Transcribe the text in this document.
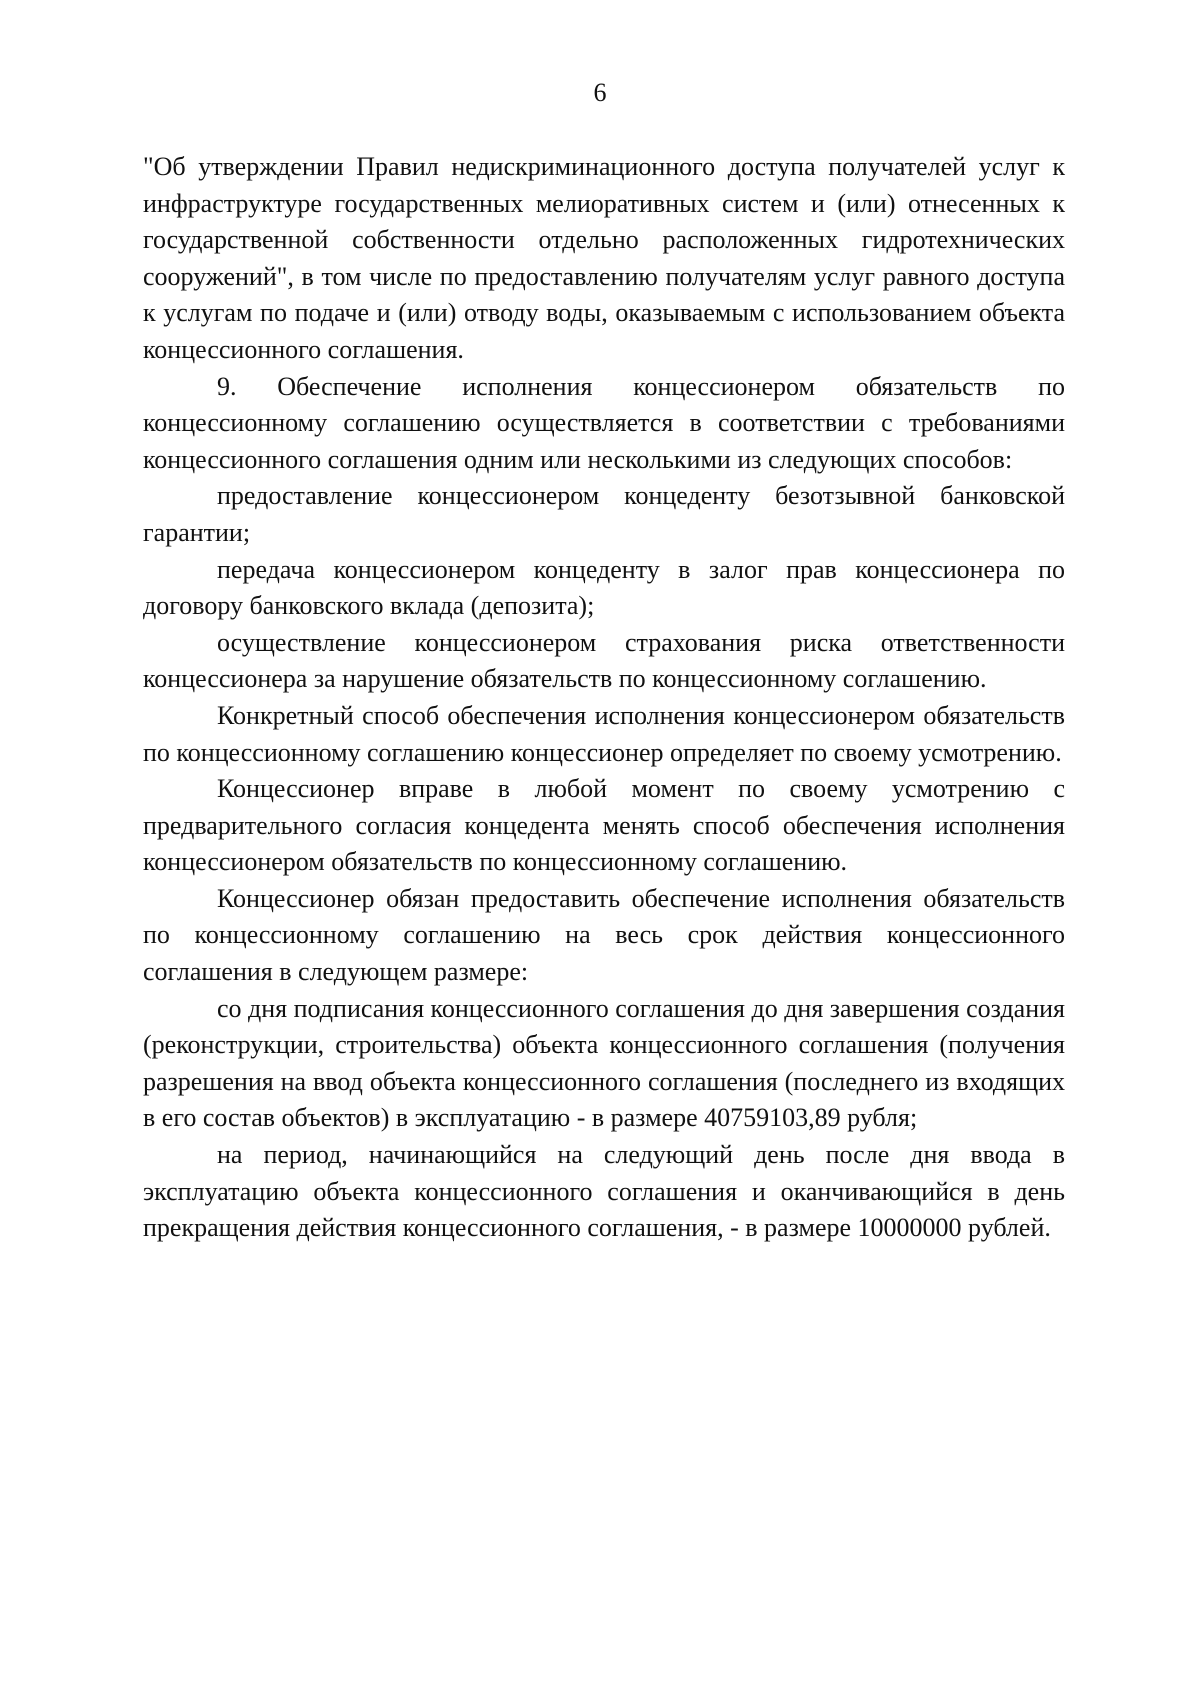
6

"Об утверждении Правил недискриминационного доступа получателей услуг к инфраструктуре государственных мелиоративных систем и (или) отнесенных к государственной собственности отдельно расположенных гидротехнических сооружений", в том числе по предоставлению получателям услуг равного доступа к услугам по подаче и (или) отводу воды, оказываемым с использованием объекта концессионного соглашения.

9. Обеспечение исполнения концессионером обязательств по концессионному соглашению осуществляется в соответствии с требованиями концессионного соглашения одним или несколькими из следующих способов:

предоставление концессионером концеденту безотзывной банковской гарантии;

передача концессионером концеденту в залог прав концессионера по договору банковского вклада (депозита);

осуществление концессионером страхования риска ответственности концессионера за нарушение обязательств по концессионному соглашению.

Конкретный способ обеспечения исполнения концессионером обязательств по концессионному соглашению концессионер определяет по своему усмотрению.

Концессионер вправе в любой момент по своему усмотрению с предварительного согласия концедента менять способ обеспечения исполнения концессионером обязательств по концессионному соглашению.

Концессионер обязан предоставить обеспечение исполнения обязательств по концессионному соглашению на весь срок действия концессионного соглашения в следующем размере:

со дня подписания концессионного соглашения до дня завершения создания (реконструкции, строительства) объекта концессионного соглашения (получения разрешения на ввод объекта концессионного соглашения (последнего из входящих в его состав объектов) в эксплуатацию - в размере 40759103,89 рубля;

на период, начинающийся на следующий день после дня ввода в эксплуатацию объекта концессионного соглашения и оканчивающийся в день прекращения действия концессионного соглашения, - в размере 10000000 рублей.
